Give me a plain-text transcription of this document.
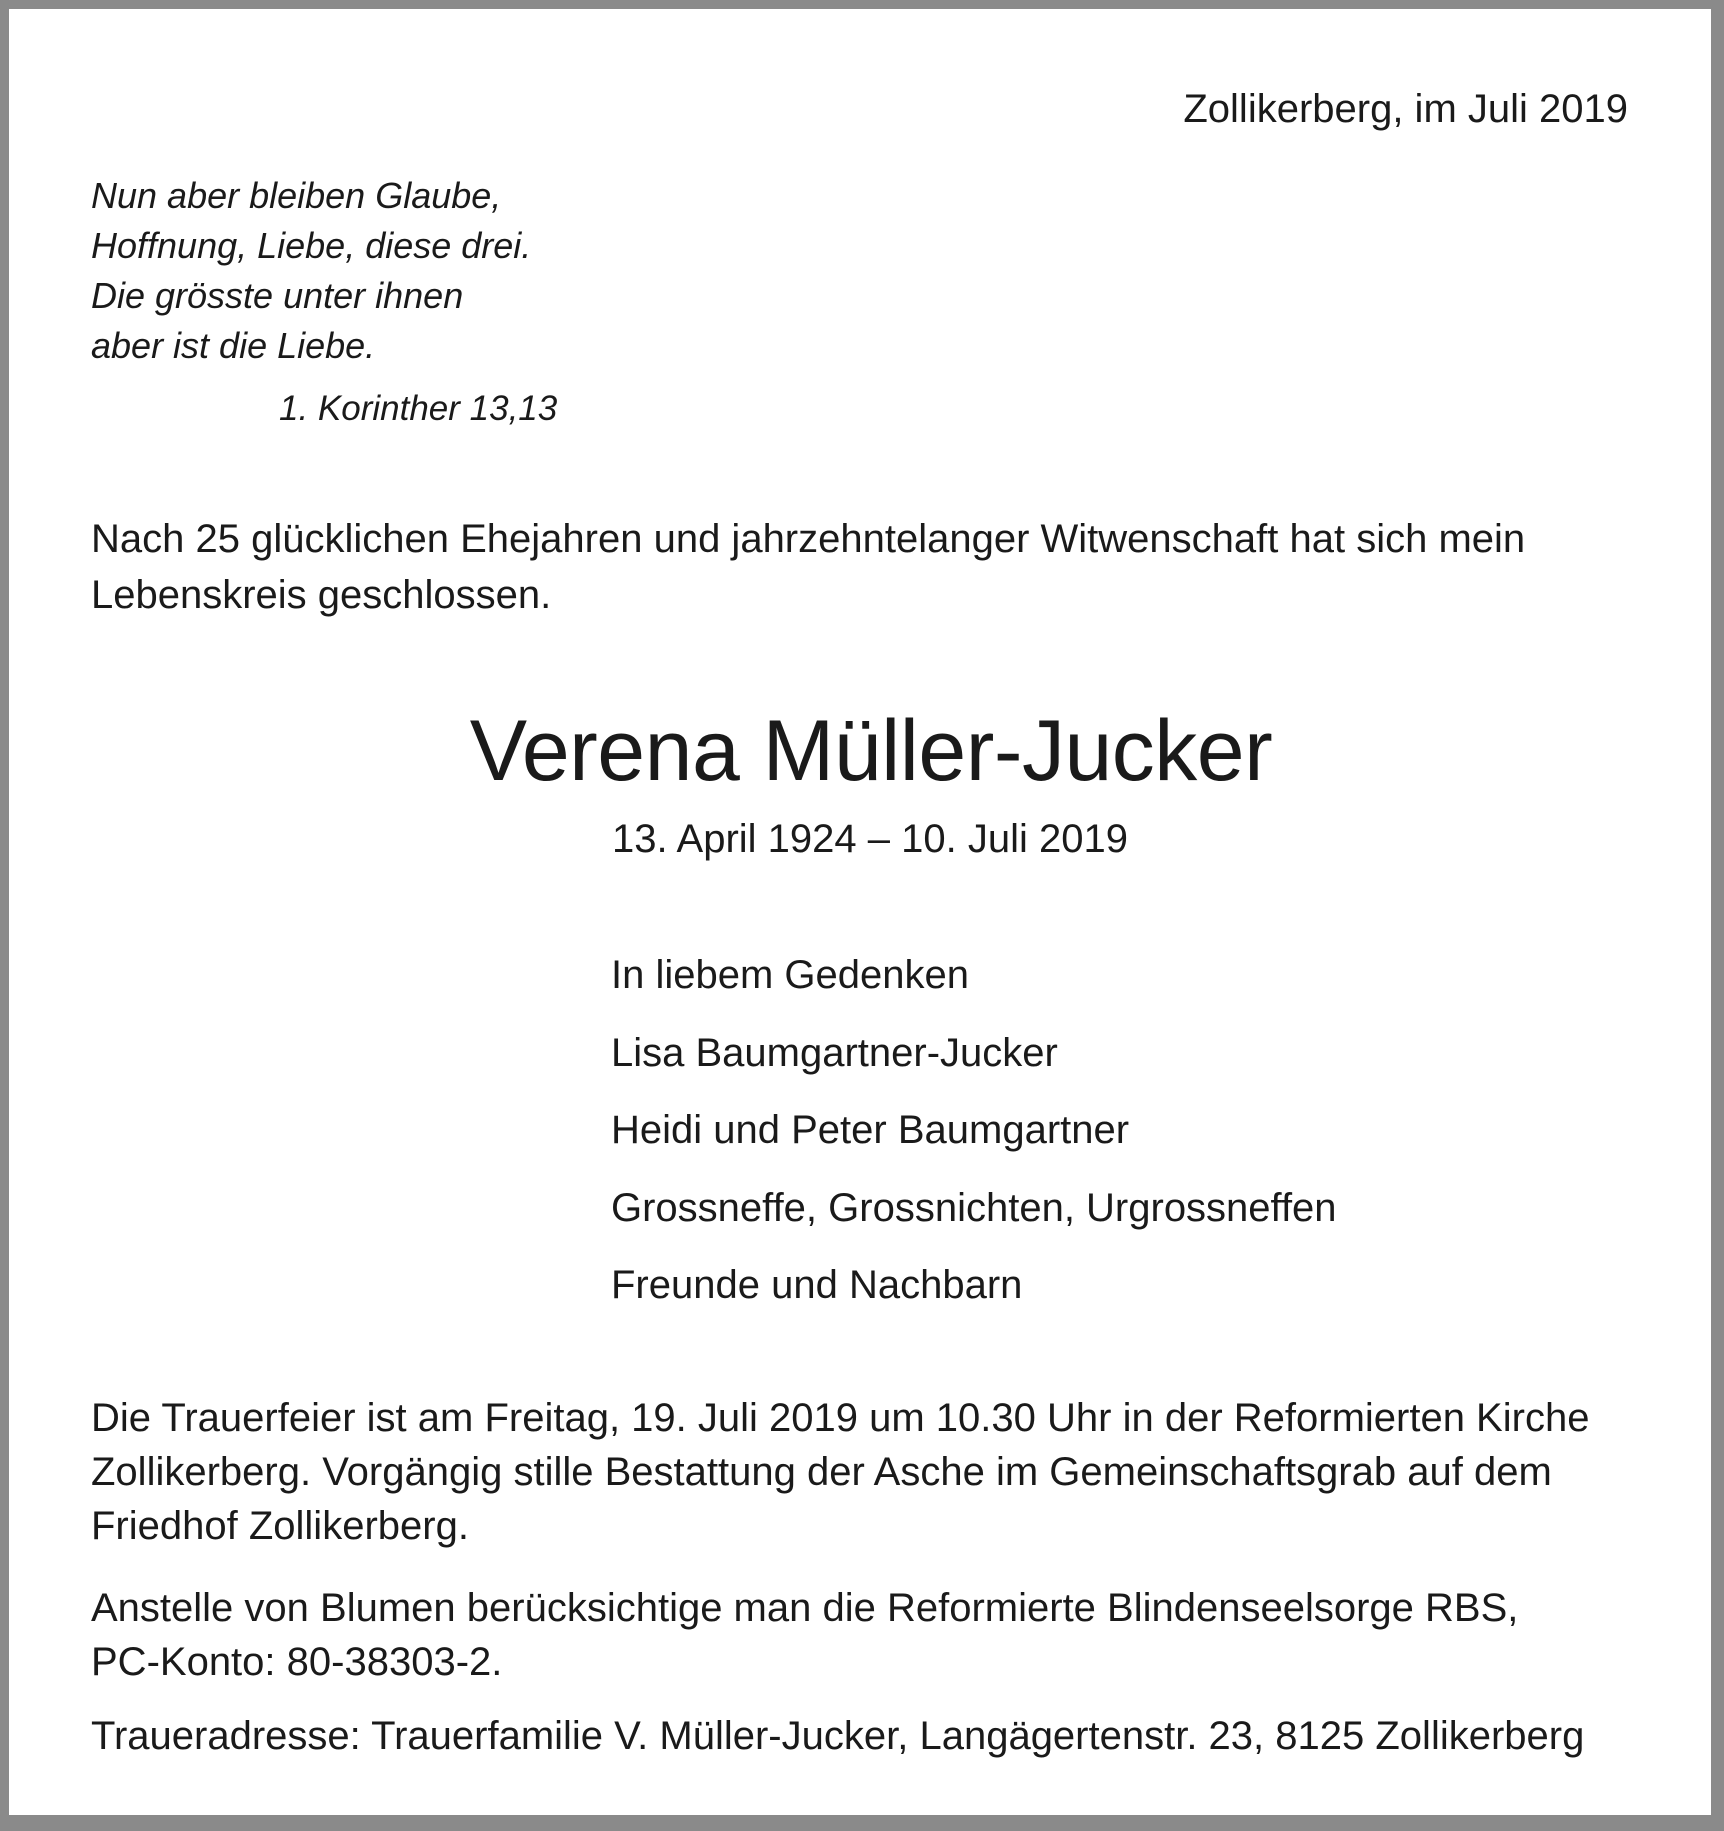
Zollikerberg, im Juli 2019
Nun aber bleiben Glaube,
Hoffnung, Liebe, diese drei.
Die grösste unter ihnen
aber ist die Liebe.
1. Korinther 13,13
Nach 25 glücklichen Ehejahren und jahrzehntelanger Witwenschaft hat sich mein
Lebenskreis geschlossen.
Verena Müller-Jucker
13. April 1924 – 10. Juli 2019
In liebem Gedenken
Lisa Baumgartner-Jucker
Heidi und Peter Baumgartner
Grossneffe, Grossnichten, Urgrossneffen
Freunde und Nachbarn
Die Trauerfeier ist am Freitag, 19. Juli 2019 um 10.30 Uhr in der Reformierten Kirche
Zollikerberg. Vorgängig stille Bestattung der Asche im Gemeinschaftsgrab auf dem
Friedhof Zollikerberg.
Anstelle von Blumen berücksichtige man die Reformierte Blindenseelsorge RBS,
PC-Konto: 80-38303-2.
Traueradresse: Trauerfamilie V. Müller-Jucker, Langägertenstr. 23, 8125 Zollikerberg
